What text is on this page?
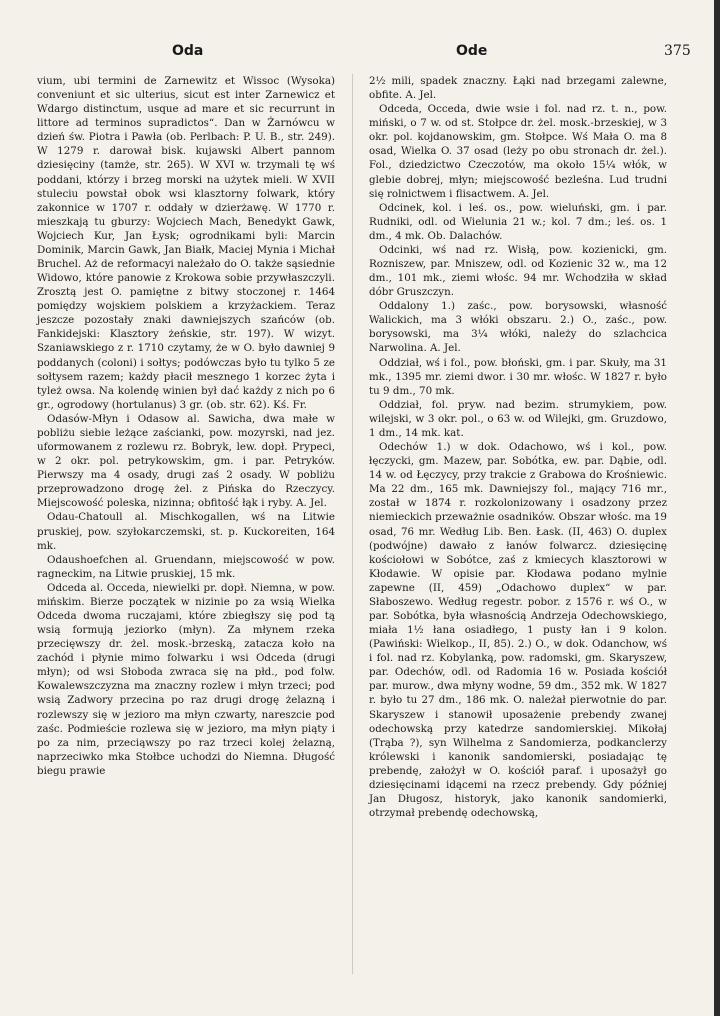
Oda	Ode	375

vium, ubi termini de Zarnewitz et Wissoc (Wysoka) conveniunt et sic ulterius, sicut est inter Zarnewicz et Wdargo distinctum, usque ad mare et sic recurrunt in littore ad terminos supradictos“. Dan w Żarnówcu w dzień św. Piotra i Pawła (ob. Perlbach: P. U. B., str. 249). W 1279 r. darował bisk. kujawski Albert pannom dziesięciny (tamże, str. 265). W XVI w. trzymali tę wś poddani, którzy i brzeg morski na użytek mieli. W XVII stuleciu powstał obok wsi klasztorny folwark, który zakonnice w 1707 r. oddały w dzierżawę. W 1770 r. mieszkają tu gburzy: Wojciech Mach, Benedykt Gawk, Wojciech Kur, Jan Łysk; ogrodnikami byli: Marcin Dominik, Marcin Gawk, Jan Białk, Maciej Mynia i Michał Bruchel. Aż de reformacyi należało do O. także sąsiednie Widowo, które panowie z Krokowa sobie przywłaszczyli. Zrosztą jest O. pamiętne z bitwy stoczonej r. 1464 pomiędzy wojskiem polskiem a krzyżackiem. Teraz jeszcze pozostały znaki dawniejszych szańców (ob. Fankidejski: Klasztory żeńskie, str. 197). W wizyt. Szaniawskiego z r. 1710 czytamy, że w O. było dawniej 9 poddanych (coloni) i sołtys; podówczas było tu tylko 5 ze sołtysem razem; każdy płacił mesznego 1 korzec żyta i tyleż owsa. Na kolendę winien był dać każdy z nich po 6 gr., ogrodowy (hortulanus) 3 gr. (ob. str. 62). Kś. Fr.

Odasów-Młyn i Odasow al. Sawicha, dwa małe w pobliżu siebie leżące zaścianki, pow. mozyrski, nad jez. uformowanem z rozlewu rz. Bobryk, lew. dopł. Prypeci, w 2 okr. pol. petrykowskim, gm. i par. Petryków. Pierwszy ma 4 osady, drugi zaś 2 osady. W pobliżu przeprowadzono drogę żel. z Pińska do Rzeczycy. Miejscowość poleska, nizinna; obfitość łąk i ryby. A. Jel.

Odau-Chatoull al. Mischkogallen, wś na Litwie pruskiej, pow. szyłokarczemski, st. p. Kuckoreiten, 164 mk.

Odaushoefchen al. Gruendann, miejscowość w pow. ragneckim, na Litwie pruskiej, 15 mk.

Odceda al. Occeda, niewielki pr. dopł. Niemna, w pow. mińskim. Bierze początek w nizinie po za wsią Wielka Odceda dwoma ruczajami, które zbiegłszy się pod tą wsią formują jeziorko (młyn). Za młynem rzeka przecięwszy dr. żel. mosk.-brzeską, zatacza koło na zachód i płynie mimo folwarku i wsi Odceda (drugi młyn); od wsi Słoboda zwraca się na płd., pod folw. Kowalewszczyzna ma znaczny rozlew i młyn trzeci; pod wsią Zadwory przecina po raz drugi drogę żelazną i rozlewszy się w jezioro ma młyn czwarty, nareszcie pod zaśc. Podmieście rozlewa się w jezioro, ma młyn piąty i po za nim, przeciąwszy po raz trzeci kolej żelazną, naprzeciwko mka Stołbce uchodzi do Niemna. Długość biegu prawie

2½ mili, spadek znaczny. Łąki nad brzegami zalewne, obfite. A. Jel.

Odceda, Occeda, dwie wsie i fol. nad rz. t. n., pow. miński, o 7 w. od st. Stołpce dr. żel. mosk.-brzeskiej, w 3 okr. pol. kojdanowskim, gm. Stołpce. Wś Mała O. ma 8 osad, Wielka O. 37 osad (leży po obu stronach dr. żel.). Fol., dziedzictwo Czeczotów, ma około 15¼ włók, w glebie dobrej, młyn; miejscowość bezleśna. Lud trudni się rolnictwem i flisactwem. A. Jel.

Odcinek, kol. i leś. os., pow. wieluński, gm. i par. Rudniki, odl. od Wielunia 21 w.; kol. 7 dm.; leś. os. 1 dm., 4 mk. Ob. Dalachów.

Odcinki, wś nad rz. Wisłą, pow. kozienicki, gm. Rozniszew, par. Mniszew, odl. od Kozienic 32 w., ma 12 dm., 101 mk., ziemi włośc. 94 mr. Wchodziła w skład dóbr Gruszczyn.

Oddalony 1.) zaśc., pow. borysowski, własność Walickich, ma 3 włóki obszaru. 2.) O., zaśc., pow. borysowski, ma 3¼ włóki, należy do szlachcica Narwolina. A. Jel.

Oddział, wś i fol., pow. błoński, gm. i par. Skuły, ma 31 mk., 1395 mr. ziemi dwor. i 30 mr. włośc. W 1827 r. było tu 9 dm., 70 mk.

Oddział, fol. pryw. nad bezim. strumykiem, pow. wilejski, w 3 okr. pol., o 63 w. od Wilejki, gm. Gruzdowo, 1 dm., 14 mk. kat.

Odechów 1.) w dok. Odachowo, wś i kol., pow. łęczycki, gm. Mazew, par. Sobótka, ew. par. Dąbie, odl. 14 w. od Łęczycy, przy trakcie z Grabowa do Krośniewic. Ma 22 dm., 165 mk. Dawniejszy fol., mający 716 mr., został w 1874 r. rozkolonizowany i osadzony przez niemieckich przeważnie osadników. Obszar włośc. ma 19 osad, 76 mr. Według Lib. Ben. Łask. (II, 463) O. duplex (podwójne) dawało z łanów folwarcz. dziesięcinę kościołowi w Sobótce, zaś z kmiecych klasztorowi w Kłodawie. W opisie par. Kłodawa podano mylnie zapewne (II, 459) „Odachowo duplex“ w par. Słaboszewo. Według regestr. pobor. z 1576 r. wś O., w par. Sobótka, była własnością Andrzeja Odechowskiego, miała 1½ łana osiadłego, 1 pusty łan i 9 kolon. (Pawiński: Wielkop., II, 85). 2.) O., w dok. Odanchow, wś i fol. nad rz. Kobylanką, pow. radomski, gm. Skaryszew, par. Odechów, odl. od Radomia 16 w. Posiada kościół par. murow., dwa młyny wodne, 59 dm., 352 mk. W 1827 r. było tu 27 dm., 186 mk. O. należał pierwotnie do par. Skaryszew i stanowił uposażenie prebendy zwanej odechowską przy katedrze sandomierskiej. Mikołaj (Trąba ?), syn Wilhelma z Sandomierza, podkanclerzy królewski i kanonik sandomierski, posiadając tę prebendę, założył w O. kościół paraf. i uposażył go dziesięcinami idącemi na rzecz prebendy. Gdy później Jan Długosz, historyk, jako kanonik sandomierki, otrzymał prebendę odechowską,
